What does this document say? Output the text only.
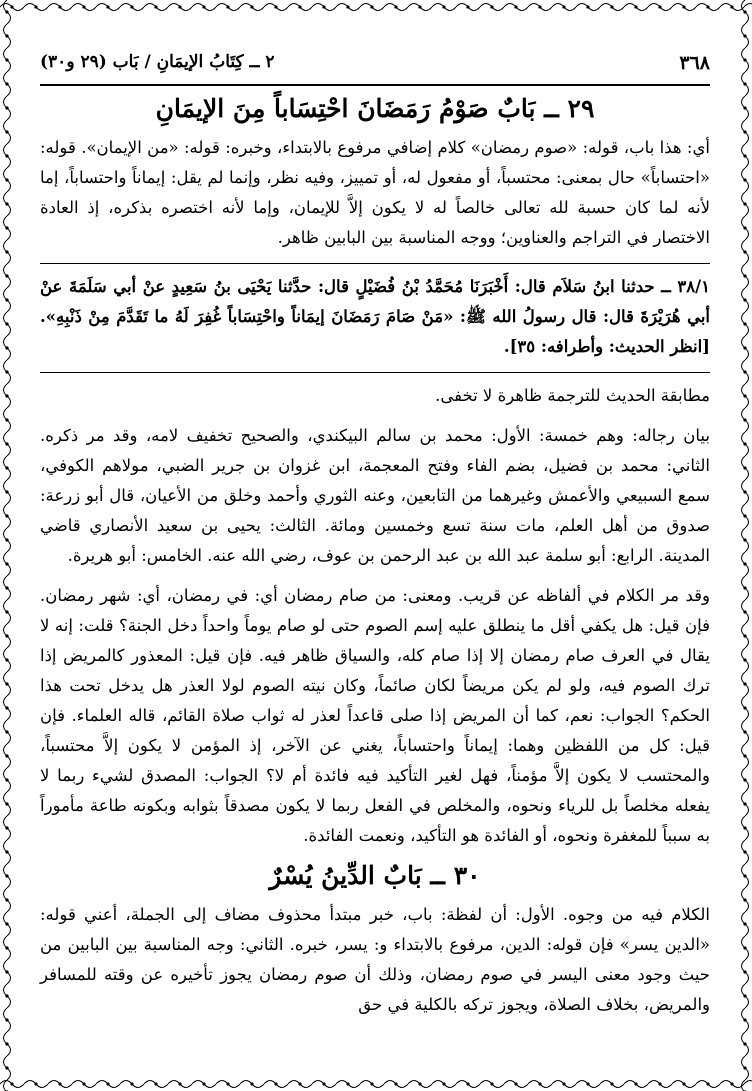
٣٦٨
٢ ــ كِتَابُ الإيمَانِ / بَاب (٢٩ و٣٠)
٢٩ ــ بَابٌ صَوْمُ رَمَضَانَ احْتِسَاباً مِنَ الإيمَانِ

أي: هذا باب، قوله: «صوم رمضان» كلام إضافي مرفوع بالابتداء، وخبره: قوله: «من الإيمان». قوله: «احتساباً» حال بمعنى: محتسباً، أو مفعول له، أو تمييز، وفيه نظر، وإنما لم يقل: إيماناً واحتساباً، إما لأنه لما كان حسبة لله تعالى خالصاً له لا يكون إلاَّ للإيمان، وإما لأنه اختصره بذكره، إذ العادة الاختصار في التراجم والعناوين؛ ووجه المناسبة بين البابين ظاهر.

٣٨/١ ــ حدثنا ابنُ سَلاَم قال: أَخْبَرَنَا مُحَمَّدُ بْنُ فُضَيْلٍ قال: حدَّثنا يَحْيَى بنُ سَعِيدٍ عنْ أبي سَلَمَةَ عنْ أبي هُرَيْرَةَ قال: قال رسولُ الله ﷺ: «مَنْ صَامَ رَمَضَانَ إيمَاناً واحْتِسَاباً غُفِرَ لَهُ ما تَقَدَّمَ مِنْ ذَنْبِهِ». [انظر الحديث: وأطرافه: ٣٥].

مطابقة الحديث للترجمة ظاهرة لا تخفى.

بيان رجاله: وهم خمسة: الأول: محمد بن سالم البيكندي، والصحيح تخفيف لامه، وقد مر ذكره. الثاني: محمد بن فضيل، بضم الفاء وفتح المعجمة، ابن غزوان بن جرير الضبي، مولاهم الكوفي، سمع السبيعي والأعمش وغيرهما من التابعين، وعنه الثوري وأحمد وخلق من الأعيان، قال أبو زرعة: صدوق من أهل العلم، مات سنة تسع وخمسين ومائة. الثالث: يحيى بن سعيد الأنصاري قاضي المدينة. الرابع: أبو سلمة عبد الله بن عبد الرحمن بن عوف، رضي الله عنه. الخامس: أبو هريرة.

وقد مر الكلام في ألفاظه عن قريب. ومعنى: من صام رمضان أي: في رمضان، أي: شهر رمضان. فإن قيل: هل يكفي أقل ما ينطلق عليه إسم الصوم حتى لو صام يوماً واحداً دخل الجنة؟ قلت: إنه لا يقال في العرف صام رمضان إلا إذا صام كله، والسياق ظاهر فيه. فإن قيل: المعذور كالمريض إذا ترك الصوم فيه، ولو لم يكن مريضاً لكان صائماً، وكان نيته الصوم لولا العذر هل يدخل تحت هذا الحكم؟ الجواب: نعم، كما أن المريض إذا صلى قاعداً لعذر له ثواب صلاة القائم، قاله العلماء. فإن قيل: كل من اللفظين وهما: إيماناً واحتساباً، يغني عن الآخر، إذ المؤمن لا يكون إلاَّ محتسباً، والمحتسب لا يكون إلاَّ مؤمناً، فهل لغير التأكيد فيه فائدة أم لا؟ الجواب: المصدق لشيء ربما لا يفعله مخلصاً بل للرياء ونحوه، والمخلص في الفعل ربما لا يكون مصدقاً بثوابه وبكونه طاعة مأموراً به سبباً للمغفرة ونحوه، أو الفائدة هو التأكيد، ونعمت الفائدة.

٣٠ ــ بَابٌ الدِّينُ يُسْرٌ

الكلام فيه من وجوه. الأول: أن لفظة: باب، خبر مبتدأ محذوف مضاف إلى الجملة، أعني قوله: «الدين يسر» فإن قوله: الدين، مرفوع بالابتداء و: يسر، خبره. الثاني: وجه المناسبة بين البابين من حيث وجود معنى اليسر في صوم رمضان، وذلك أن صوم رمضان يجوز تأخيره عن وقته للمسافر والمريض، بخلاف الصلاة، ويجوز تركه بالكلية في حق
